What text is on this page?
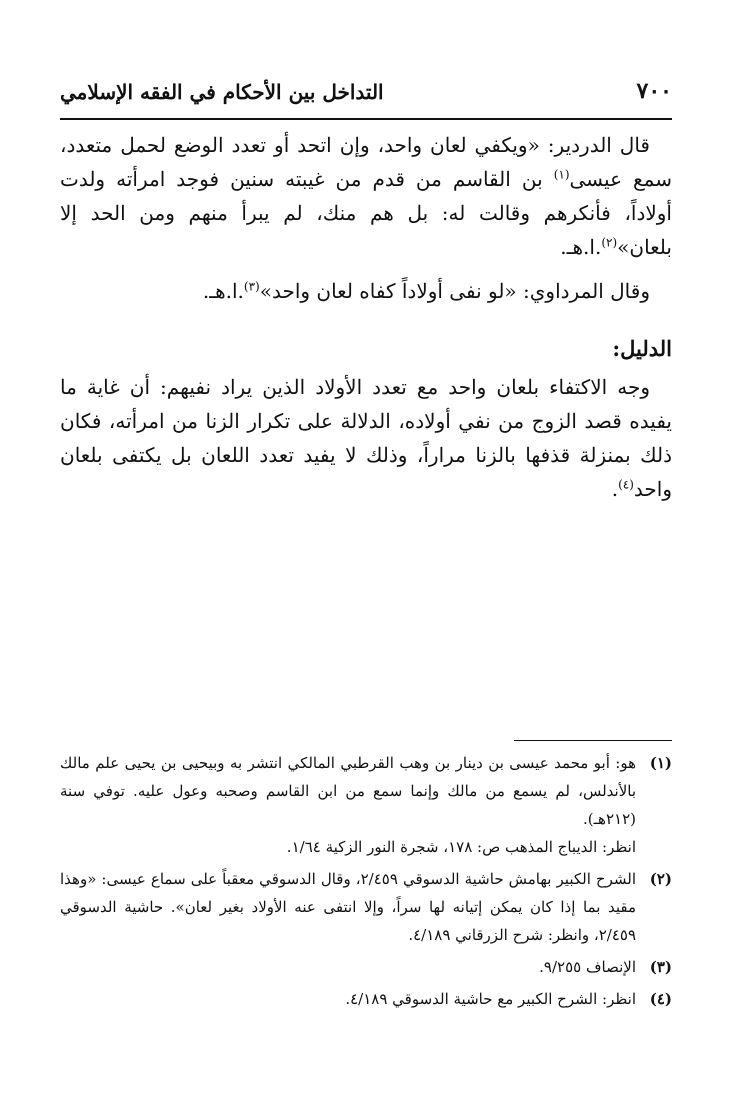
٧٠٠
التداخل بين الأحكام في الفقه الإسلامي

قال الدردير: «ويكفي لعان واحد، وإن اتحد أو تعدد الوضع لحمل متعدد، سمع عيسى$^{(١)}$ بن القاسم من قدم من غيبته سنين فوجد امرأته ولدت أولاداً، فأنكرهم وقالت له: بل هم منك، لم يبرأ منهم ومن الحد إلا بلعان»$^{(٢)}$.ا.هـ.

وقال المرداوي: «لو نفى أولاداً كفاه لعان واحد»$^{(٣)}$.ا.هـ.

الدليل:

وجه الاكتفاء بلعان واحد مع تعدد الأولاد الذين يراد نفيهم: أن غاية ما يفيده قصد الزوج من نفي أولاده، الدلالة على تكرار الزنا من امرأته، فكان ذلك بمنزلة قذفها بالزنا مراراً، وذلك لا يفيد تعدد اللعان بل يكتفى بلعان واحد$^{(٤)}$.

(١)

هو: أبو محمد عيسى بن دينار بن وهب القرطبي المالكي انتشر به وبيحيى بن يحيى علم مالك بالأندلس، لم يسمع من مالك وإنما سمع من ابن القاسم وصحبه وعول عليه. توفي سنة (٢١٢هـ).

انظر: الديباج المذهب ص: ١٧٨، شجرة النور الزكية ١/٦٤.

(٢)

الشرح الكبير بهامش حاشية الدسوقي ٢/٤٥٩، وقال الدسوقي معقباً على سماع عيسى: «وهذا مقيد بما إذا كان يمكن إتيانه لها سراً، وإلا انتفى عنه الأولاد بغير لعان». حاشية الدسوقي ٢/٤٥٩، وانظر: شرح الزرقاني ٤/١٨٩.

(٣)

الإنصاف ٩/٢٥٥.

(٤)

انظر: الشرح الكبير مع حاشية الدسوقي ٤/١٨٩.
